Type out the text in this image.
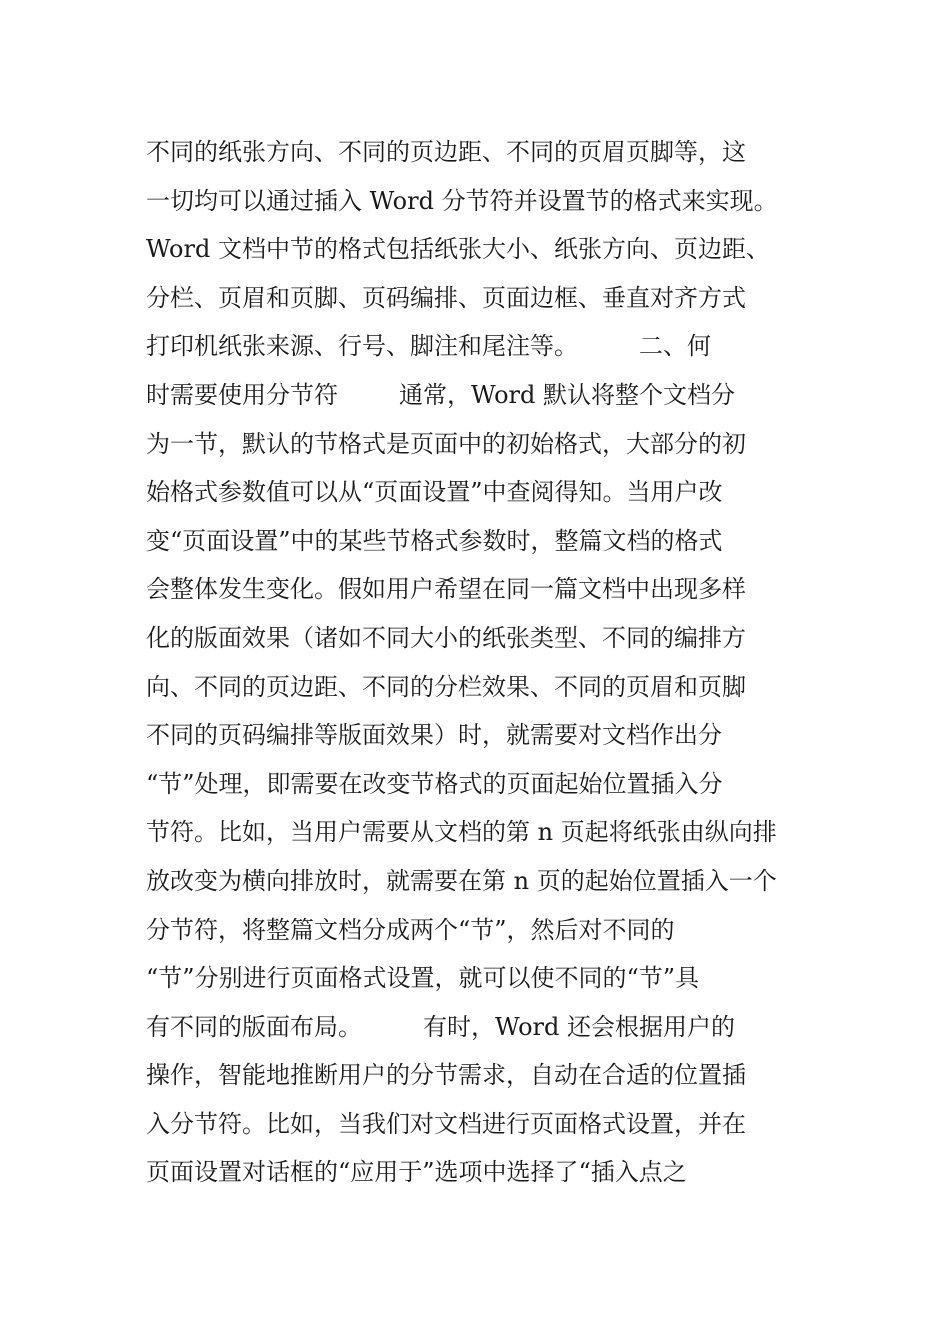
不同的纸张方向、不同的页边距、不同的页眉页脚等，这
一切均可以通过插入 Word 分节符并设置节的格式来实现。
Word 文档中节的格式包括纸张大小、纸张方向、页边距、
分栏、页眉和页脚、页码编排、页面边框、垂直对齐方式
打印机纸张来源、行号、脚注和尾注等。        二、何
时需要使用分节符        通常，Word 默认将整个文档分
为一节，默认的节格式是页面中的初始格式，大部分的初
始格式参数值可以从“页面设置”中查阅得知。当用户改
变“页面设置”中的某些节格式参数时，整篇文档的格式
会整体发生变化。假如用户希望在同一篇文档中出现多样
化的版面效果（诸如不同大小的纸张类型、不同的编排方
向、不同的页边距、不同的分栏效果、不同的页眉和页脚
不同的页码编排等版面效果）时，就需要对文档作出分
“节”处理，即需要在改变节格式的页面起始位置插入分
节符。比如，当用户需要从文档的第 n 页起将纸张由纵向排
放改变为横向排放时，就需要在第 n 页的起始位置插入一个
分节符，将整篇文档分成两个“节”，然后对不同的
“节”分别进行页面格式设置，就可以使不同的“节”具
有不同的版面布局。        有时，Word 还会根据用户的
操作，智能地推断用户的分节需求，自动在合适的位置插
入分节符。比如，当我们对文档进行页面格式设置，并在
页面设置对话框的“应用于”选项中选择了“插入点之
